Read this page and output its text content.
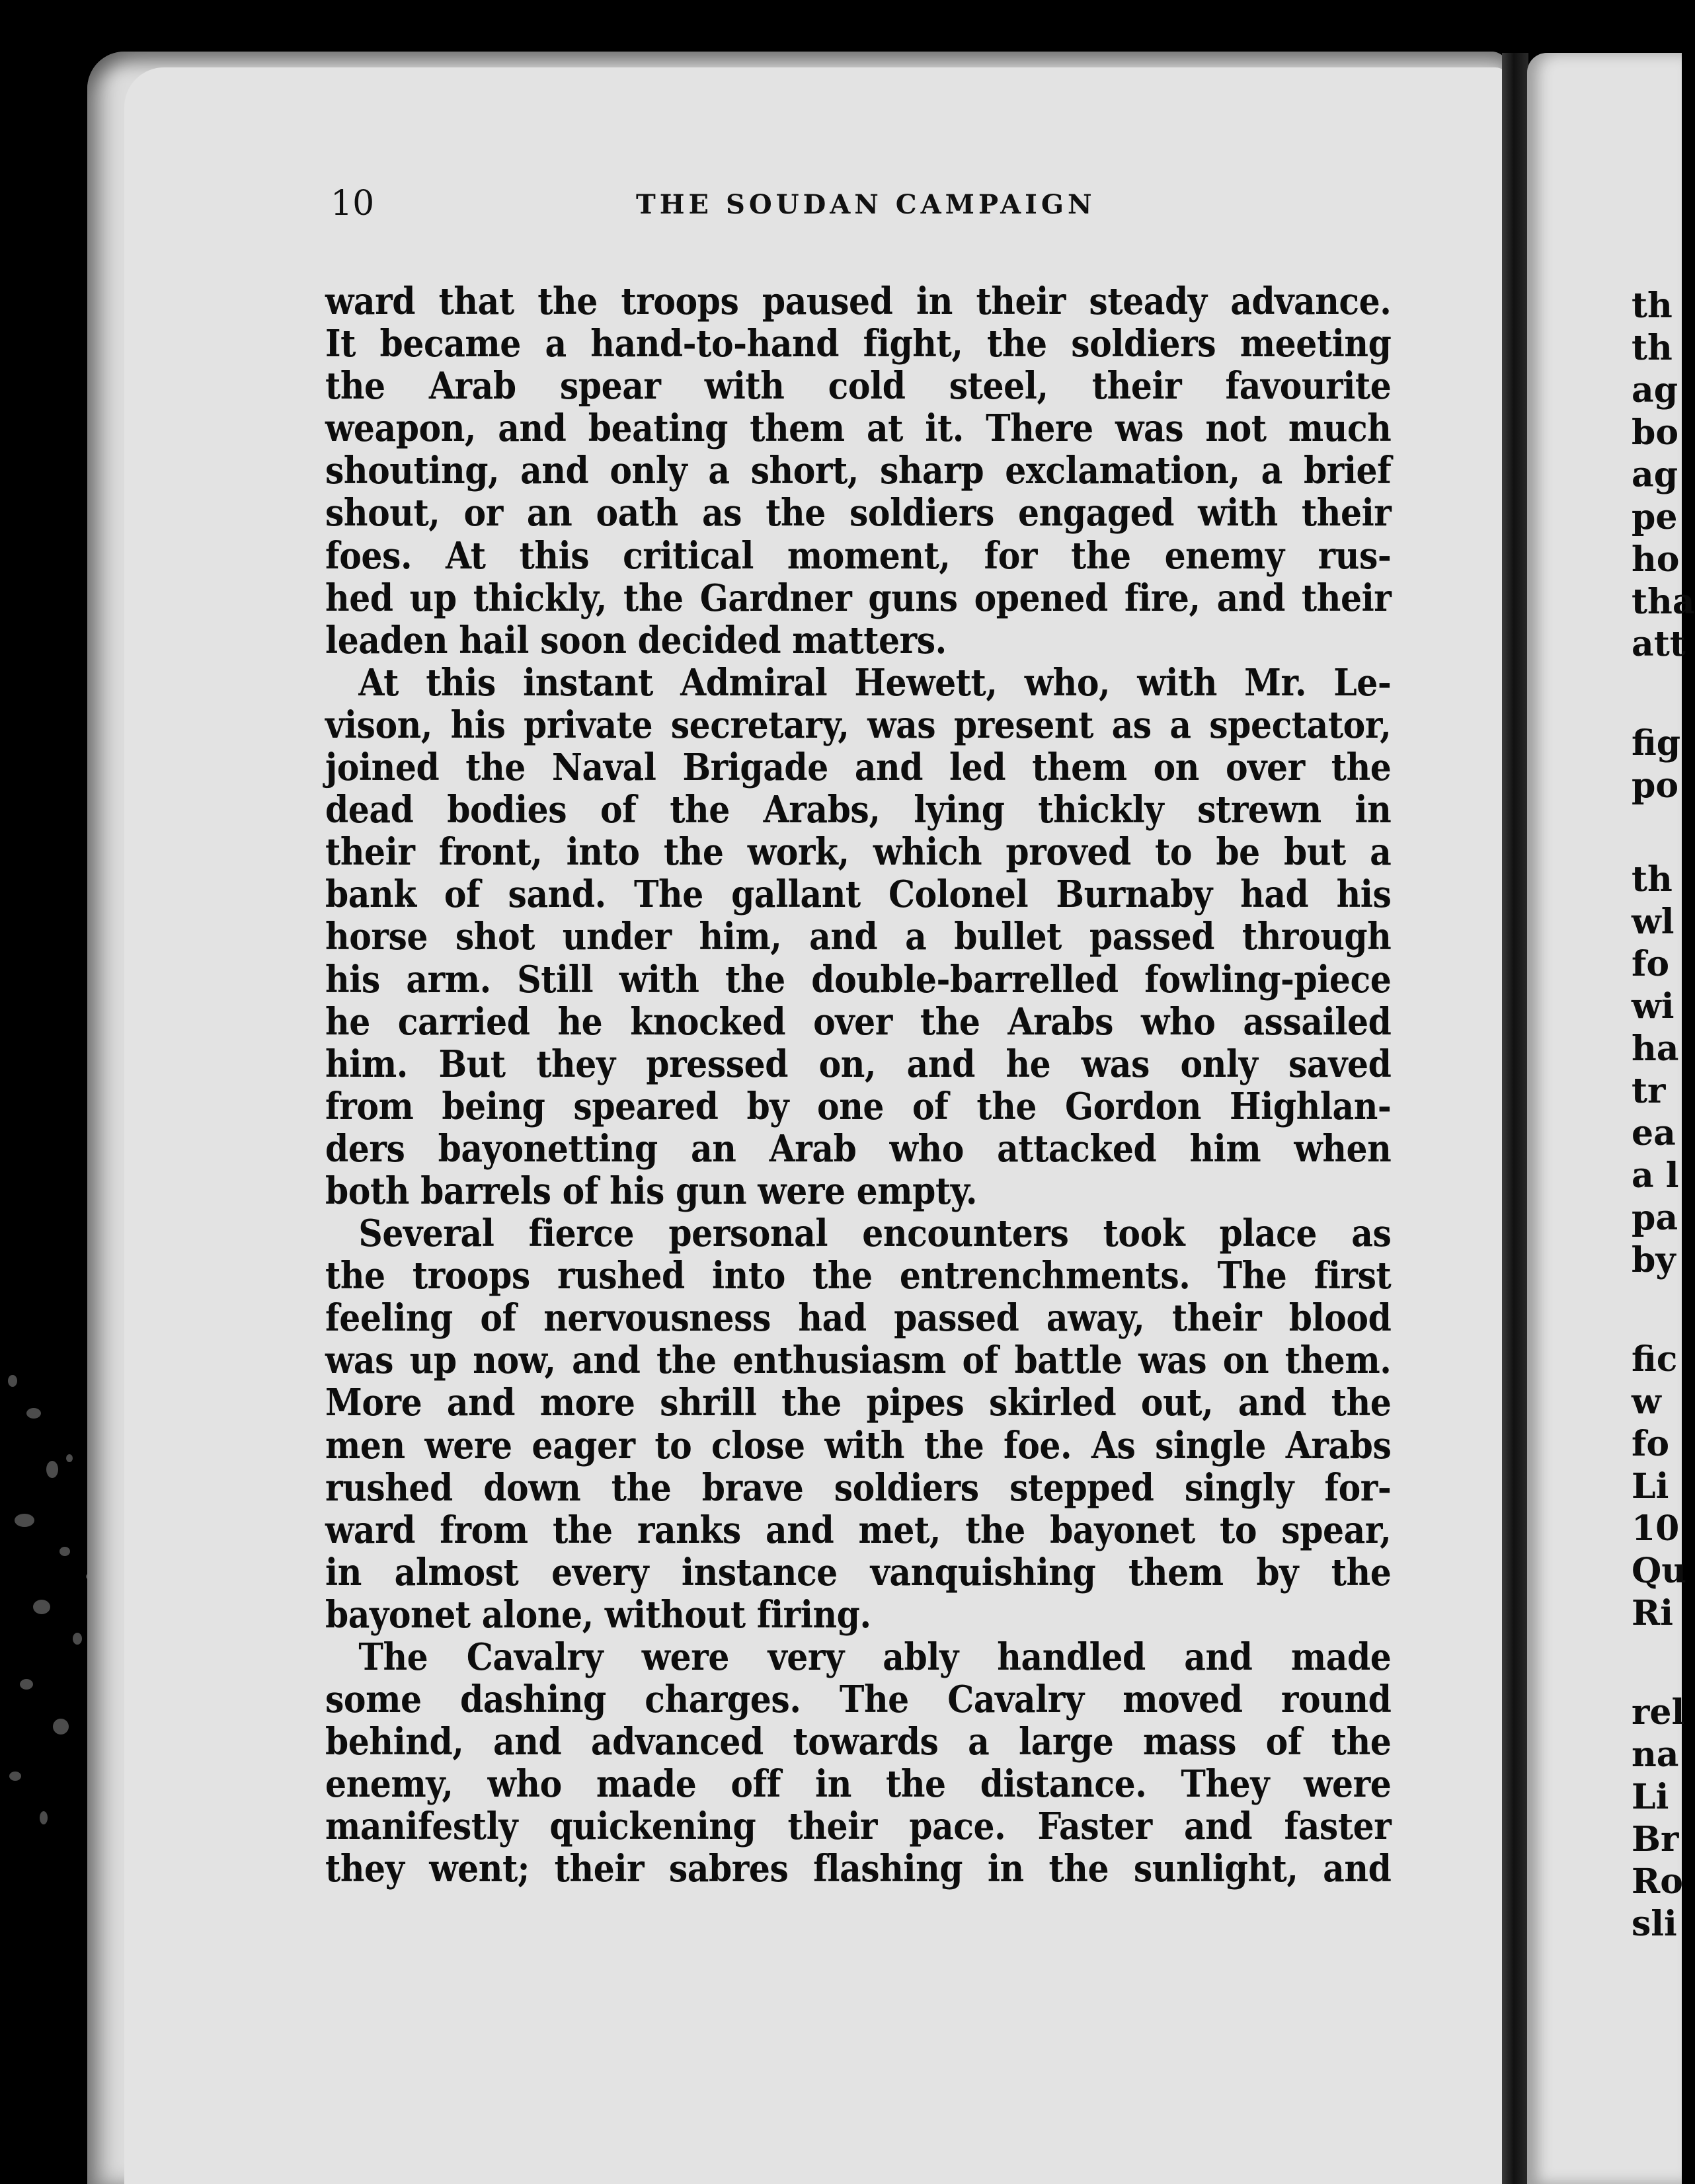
10	THE SOUDAN CAMPAIGN
ward that the troops paused in their steady advance.
It became a hand-to-hand fight, the soldiers meeting
the Arab spear with cold steel, their favourite
weapon, and beating them at it. There was not much
shouting, and only a short, sharp exclamation, a brief
shout, or an oath as the soldiers engaged with their
foes. At this critical moment, for the enemy rus-
hed up thickly, the Gardner guns opened fire, and their
leaden hail soon decided matters.
At this instant Admiral Hewett, who, with Mr. Le-
vison, his private secretary, was present as a spectator,
joined the Naval Brigade and led them on over the
dead bodies of the Arabs, lying thickly strewn in
their front, into the work, which proved to be but a
bank of sand. The gallant Colonel Burnaby had his
horse shot under him, and a bullet passed through
his arm. Still with the double-barrelled fowling-piece
he carried he knocked over the Arabs who assailed
him. But they pressed on, and he was only saved
from being speared by one of the Gordon Highlan-
ders bayonetting an Arab who attacked him when
both barrels of his gun were empty.
Several fierce personal encounters took place as
the troops rushed into the entrenchments. The first
feeling of nervousness had passed away, their blood
was up now, and the enthusiasm of battle was on them.
More and more shrill the pipes skirled out, and the
men were eager to close with the foe. As single Arabs
rushed down the brave soldiers stepped singly for-
ward from the ranks and met, the bayonet to spear,
in almost every instance vanquishing them by the
bayonet alone, without firing.
The Cavalry were very ably handled and made
some dashing charges. The Cavalry moved round
behind, and advanced towards a large mass of the
enemy, who made off in the distance. They were
manifestly quickening their pace. Faster and faster
they went; their sabres flashing in the sunlight, and
th
th
ag
bo
ag
pe
ho
tha
att
fig
po
th
wl
fo
wi
ha
tr
ea
a l
pa
by
fic
w
fo
Li
10
Qu
Ri
rel
na
Li
Br
Ro
sli
